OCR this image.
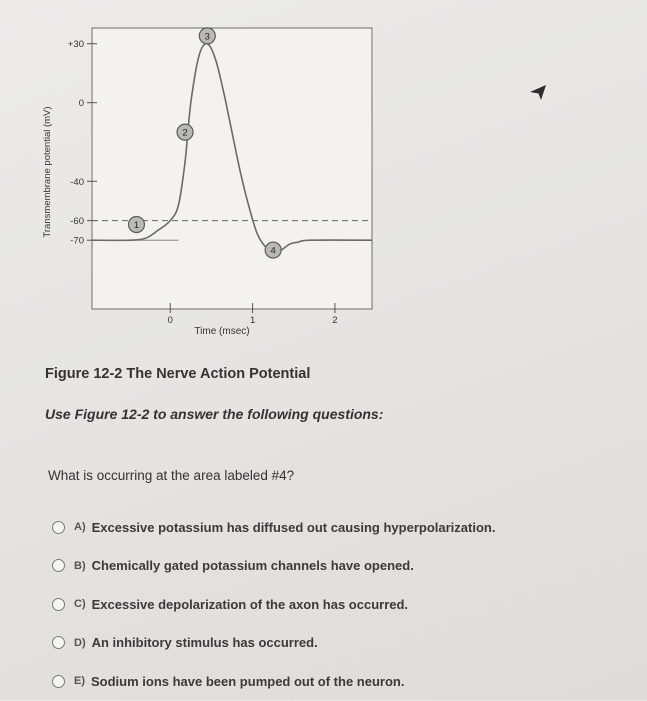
+30
0
-40
-60
-70
0	1	2
1
2
3
4
Transmembrane potential (mV)
Time (msec)
Figure 12-2 The Nerve Action Potential
Use Figure 12-2 to answer the following questions:
What is occurring at the area labeled #4?
A) Excessive potassium has diffused out causing hyperpolarization.
B) Chemically gated potassium channels have opened.
C) Excessive depolarization of the axon has occurred.
D) An inhibitory stimulus has occurred.
E) Sodium ions have been pumped out of the neuron.
